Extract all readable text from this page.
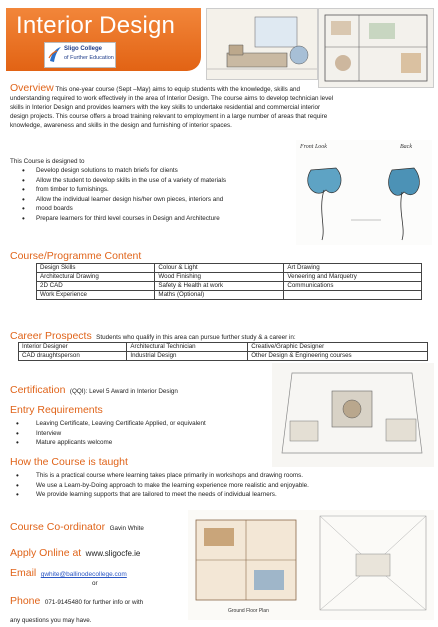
Interior Design
Sligo College
of Further Education
Overview This one-year course (Sept –May) aims to equip students with the knowledge, skills and
understanding required to work effectively in the area of Interior Design. The course aims to develop technician level
skills in Interior Design and provides learners with the key skills to undertake residential and commercial interior
design projects. This course offers a broad training relevant to employment in a large number of areas that require
knowledge, awareness and skills in the design and furnishing of interior spaces.
This Course is designed to
• Develop design solutions to match briefs for clients
• Allow the student to develop skills in the use of a variety of materials
• from timber to furnishings.
• Allow the individual learner design his/her own pieces, interiors and
• mood boards
• Prepare learners for third level courses in Design and Architecture
Front Look	Back
Course/Programme Content
Design Skills	Colour & Light	Art Drawing
Architectural Drawing	Wood Finishing	Veneering and Marquetry
2D CAD	Safety & Health at work	Communications
Work Experience	Maths (Optional)	
Career Prospects Students who qualify in this area can pursue further study & a career in:
Interior Designer	Architectural Technician	Creative/Graphic Designer
CAD draughtsperson	Industrial Design	Other Design & Engineering courses
Certification (QQI): Level 5 Award in Interior Design
Entry Requirements
• Leaving Certificate, Leaving Certificate Applied, or equivalent
• Interview
• Mature applicants welcome
How the Course is taught
• This is a practical course where learning takes place primarily in workshops and drawing rooms.
• We use a Learn-by-Doing approach to make the learning experience more realistic and enjoyable.
• We provide learning supports that are tailored to meet the needs of individual learners.
Course Co-ordinator Gavin White
Apply Online at www.sligocfe.ie
Email gwhite@ballinodecollege.com
or
Phone 071-9145480 for further info or with
any questions you may have.
Ground Floor Plan
